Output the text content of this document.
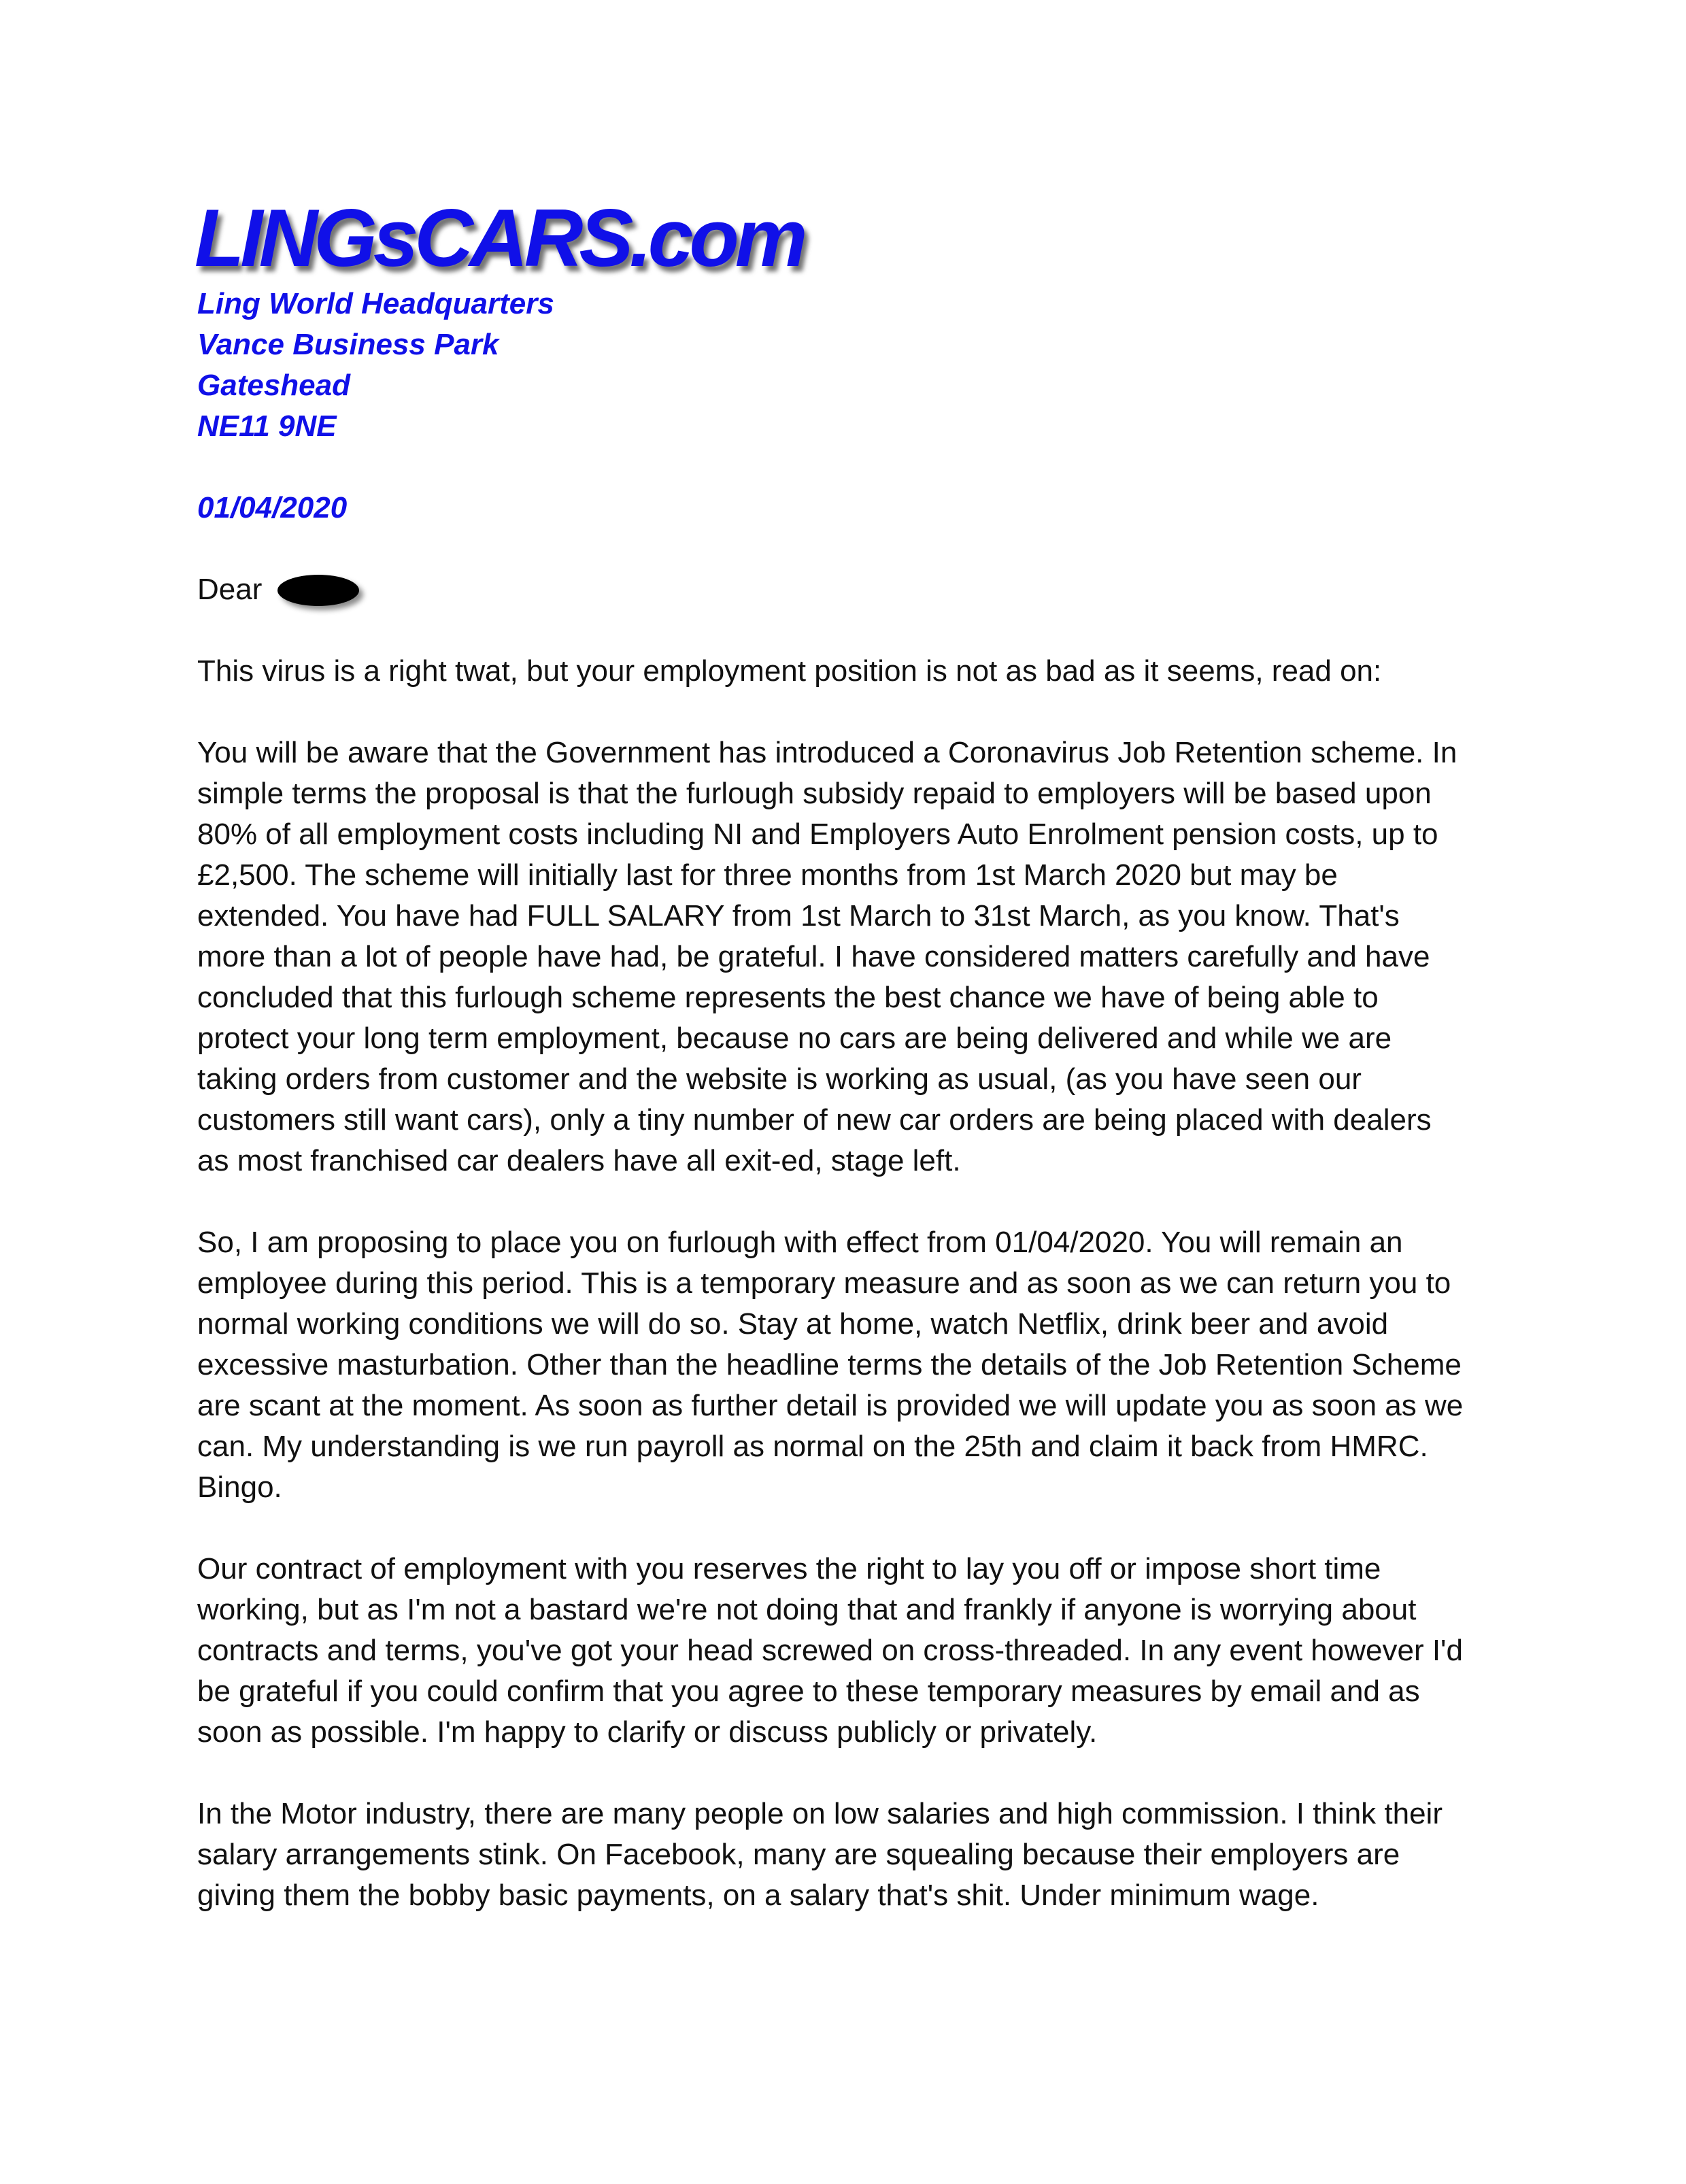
LINGsCARS.com
Ling World Headquarters
Vance Business Park
Gateshead
NE11 9NE
01/04/2020
Dear
This virus is a right twat, but your employment position is not as bad as it seems, read on:
You will be aware that the Government has introduced a Coronavirus Job Retention scheme. In
simple terms the proposal is that the furlough subsidy repaid to employers will be based upon
80% of all employment costs including NI and Employers Auto Enrolment pension costs, up to
£2,500. The scheme will initially last for three months from 1st March 2020 but may be
extended. You have had FULL SALARY from 1st March to 31st March, as you know. That's
more than a lot of people have had, be grateful. I have considered matters carefully and have
concluded that this furlough scheme represents the best chance we have of being able to
protect your long term employment, because no cars are being delivered and while we are
taking orders from customer and the website is working as usual, (as you have seen our
customers still want cars), only a tiny number of new car orders are being placed with dealers
as most franchised car dealers have all exit-ed, stage left.
So, I am proposing to place you on furlough with effect from 01/04/2020. You will remain an
employee during this period. This is a temporary measure and as soon as we can return you to
normal working conditions we will do so. Stay at home, watch Netflix, drink beer and avoid
excessive masturbation. Other than the headline terms the details of the Job Retention Scheme
are scant at the moment. As soon as further detail is provided we will update you as soon as we
can. My understanding is we run payroll as normal on the 25th and claim it back from HMRC.
Bingo.
Our contract of employment with you reserves the right to lay you off or impose short time
working, but as I'm not a bastard we're not doing that and frankly if anyone is worrying about
contracts and terms, you've got your head screwed on cross-threaded. In any event however I'd
be grateful if you could confirm that you agree to these temporary measures by email and as
soon as possible. I'm happy to clarify or discuss publicly or privately.
In the Motor industry, there are many people on low salaries and high commission. I think their
salary arrangements stink. On Facebook, many are squealing because their employers are
giving them the bobby basic payments, on a salary that's shit. Under minimum wage.
